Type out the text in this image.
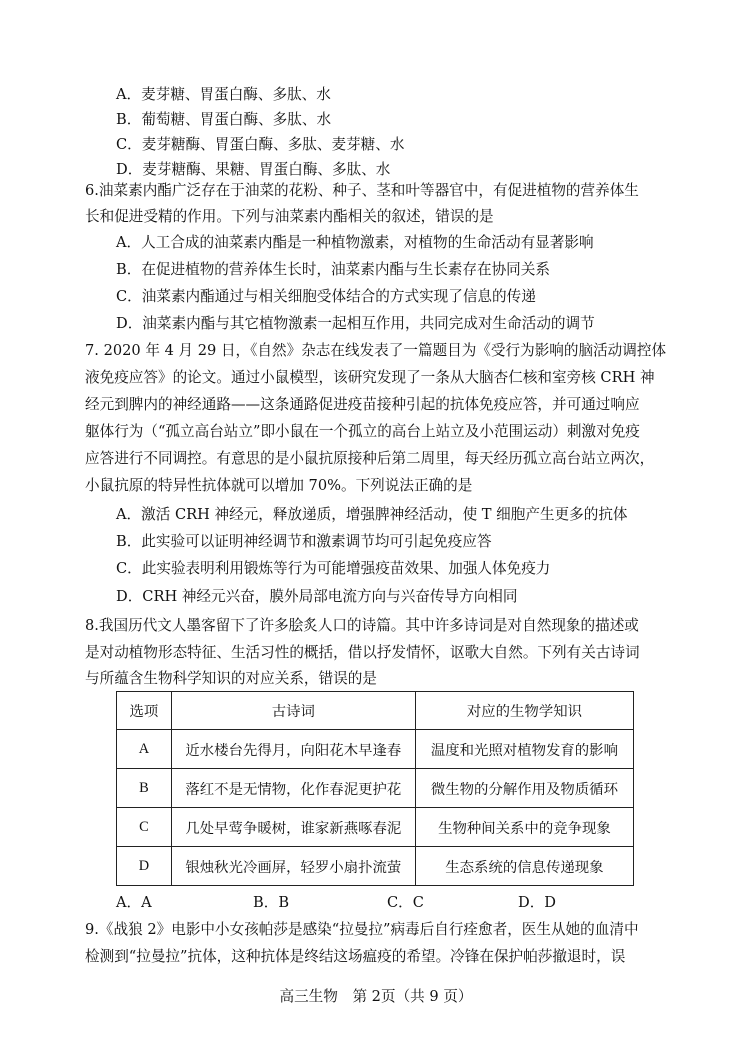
A．麦芽糖、胃蛋白酶、多肽、水
B．葡萄糖、胃蛋白酶、多肽、水
C．麦芽糖酶、胃蛋白酶、多肽、麦芽糖、水
D．麦芽糖酶、果糖、胃蛋白酶、多肽、水
6.油菜素内酯广泛存在于油菜的花粉、种子、茎和叶等器官中，有促进植物的营养体生
长和促进受精的作用。下列与油菜素内酯相关的叙述，错误的是
A．人工合成的油菜素内酯是一种植物激素，对植物的生命活动有显著影响
B．在促进植物的营养体生长时，油菜素内酯与生长素存在协同关系
C．油菜素内酯通过与相关细胞受体结合的方式实现了信息的传递
D．油菜素内酯与其它植物激素一起相互作用，共同完成对生命活动的调节
7. 2020 年 4 月 29 日，《自然》杂志在线发表了一篇题目为《受行为影响的脑活动调控体
液免疫应答》的论文。通过小鼠模型，该研究发现了一条从大脑杏仁核和室旁核 CRH 神
经元到脾内的神经通路——这条通路促进疫苗接种引起的抗体免疫应答，并可通过响应
躯体行为（“孤立高台站立”即小鼠在一个孤立的高台上站立及小范围运动）刺激对免疫
应答进行不同调控。有意思的是小鼠抗原接种后第二周里，每天经历孤立高台站立两次，
小鼠抗原的特异性抗体就可以增加 70%。下列说法正确的是
A．激活 CRH 神经元，释放递质，增强脾神经活动，使 T 细胞产生更多的抗体
B．此实验可以证明神经调节和激素调节均可引起免疫应答
C．此实验表明利用锻炼等行为可能增强疫苗效果、加强人体免疫力
D．CRH 神经元兴奋，膜外局部电流方向与兴奋传导方向相同
8.我国历代文人墨客留下了许多脍炙人口的诗篇。其中许多诗词是对自然现象的描述或
是对动植物形态特征、生活习性的概括，借以抒发情怀，讴歌大自然。下列有关古诗词
与所蕴含生物科学知识的对应关系，错误的是
选项	古诗词	对应的生物学知识
A	近水楼台先得月，向阳花木早逢春	温度和光照对植物发育的影响
B	落红不是无情物，化作春泥更护花	微生物的分解作用及物质循环
C	几处早莺争暖树，谁家新燕啄春泥	生物种间关系中的竞争现象
D	银烛秋光冷画屏，轻罗小扇扑流萤	生态系统的信息传递现象
A．A	B．B	C．C	D．D
9.《战狼 2》电影中小女孩帕莎是感染“拉曼拉”病毒后自行痊愈者，医生从她的血清中
检测到“拉曼拉”抗体，这种抗体是终结这场瘟疫的希望。冷锋在保护帕莎撤退时，误
高三生物　第 2页（共 9 页）
